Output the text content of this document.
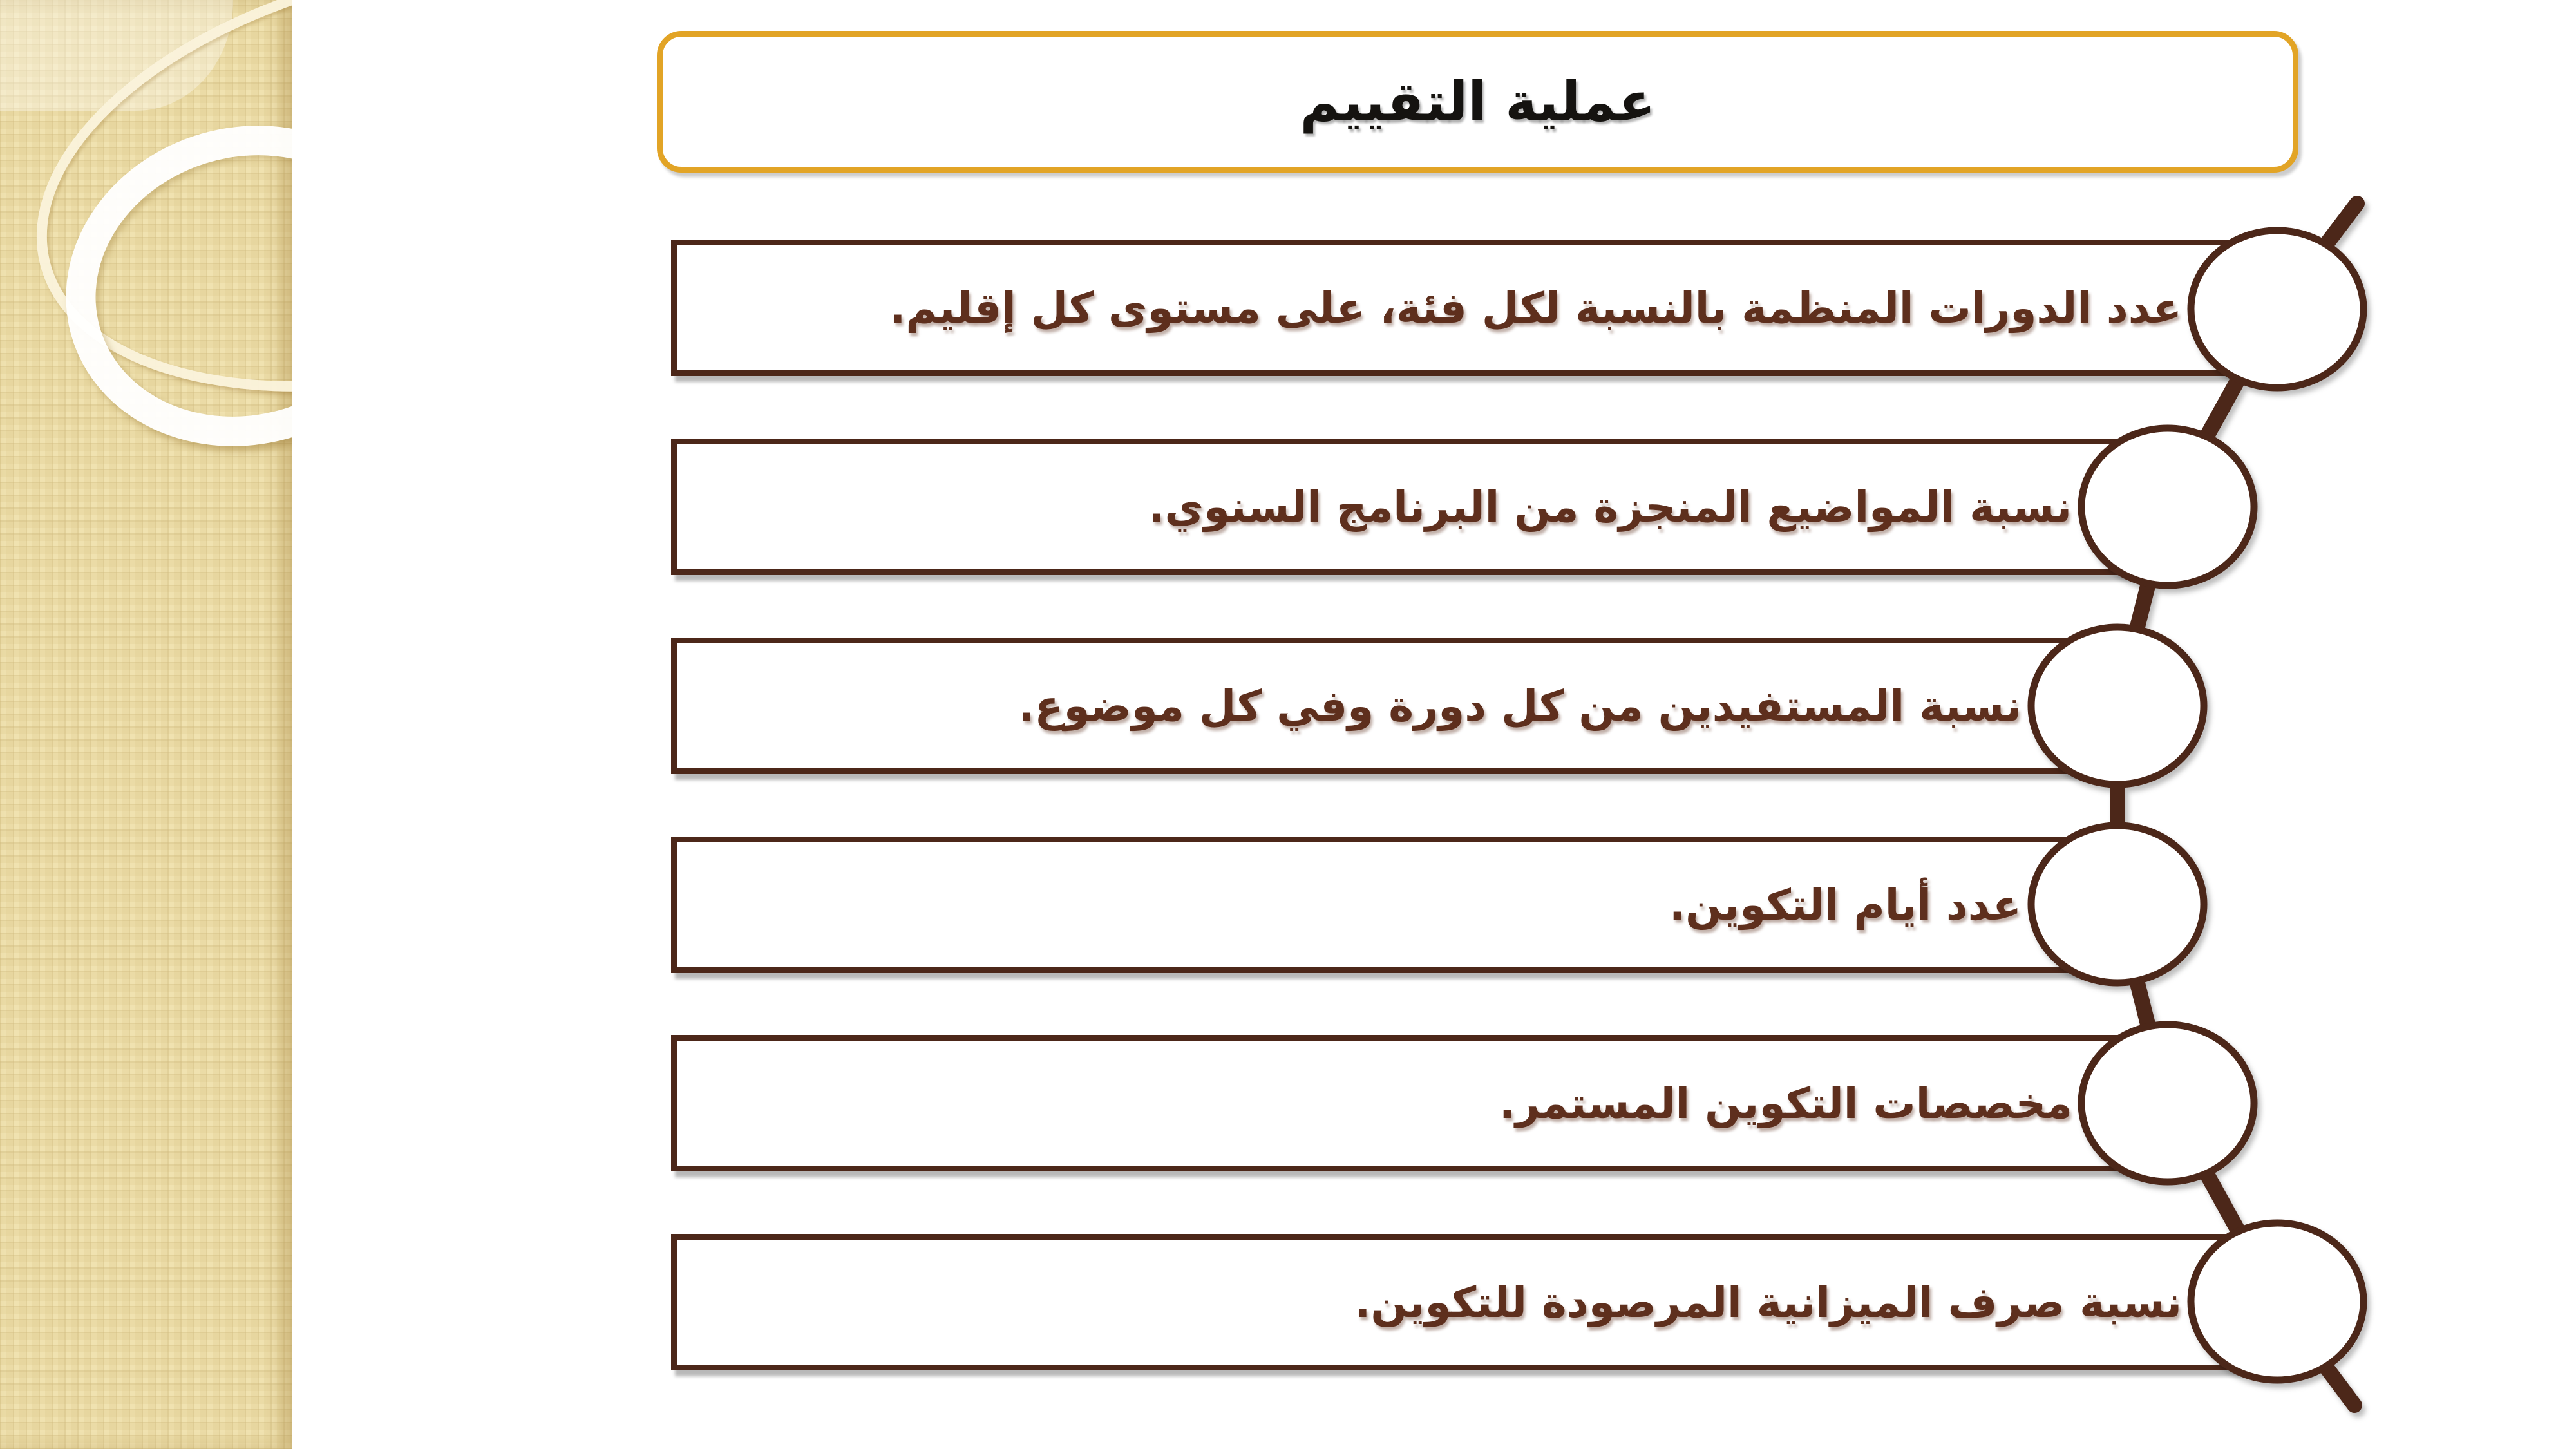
عملية التقييم
عدد الدورات المنظمة بالنسبة لكل فئة، على مستوى كل إقليم.
نسبة المواضيع المنجزة من البرنامج السنوي.
نسبة المستفيدين من كل دورة وفي كل موضوع.
عدد أيام التكوين.
مخصصات التكوين المستمر.
نسبة صرف الميزانية المرصودة للتكوين.
